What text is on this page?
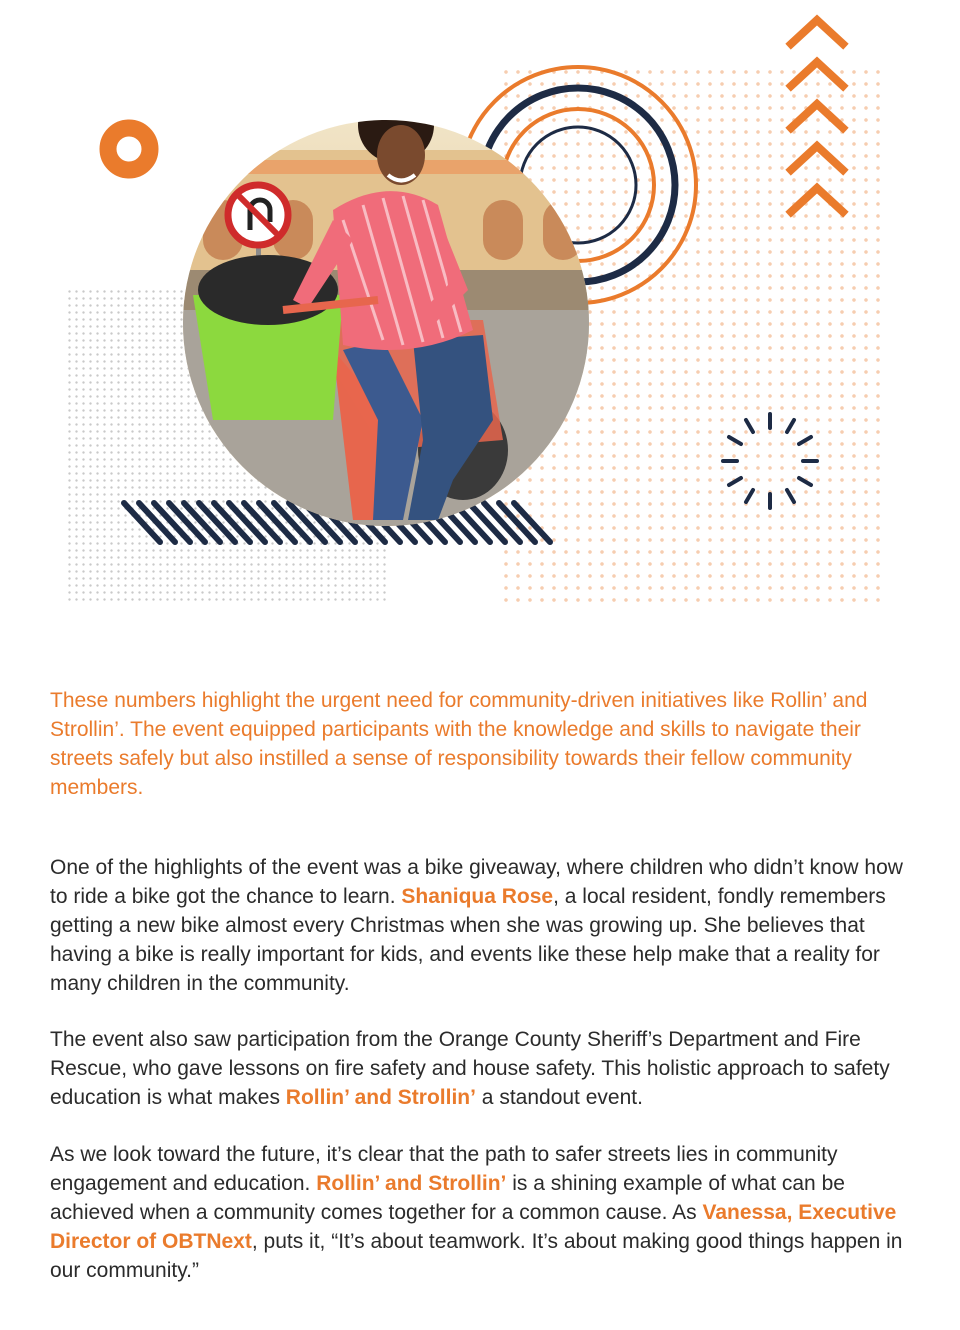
These numbers highlight the urgent need for community-driven initiatives like Rollin’ and Strollin’. The event equipped participants with the knowledge and skills to navigate their streets safely but also instilled a sense of responsibility towards their fellow community members.

One of the highlights of the event was a bike giveaway, where children who didn’t know how to ride a bike got the chance to learn. Shaniqua Rose, a local resident, fondly remembers getting a new bike almost every Christmas when she was growing up. She believes that having a bike is really important for kids, and events like these help make that a reality for many children in the community.

The event also saw participation from the Orange County Sheriff’s Department and Fire Rescue, who gave lessons on fire safety and house safety. This holistic approach to safety education is what makes Rollin’ and Strollin’ a standout event.

As we look toward the future, it’s clear that the path to safer streets lies in community engagement and education. Rollin’ and Strollin’ is a shining example of what can be achieved when a community comes together for a common cause. As Vanessa, Executive Director of OBTNext, puts it, “It’s about teamwork. It’s about making good things happen in our community.”
